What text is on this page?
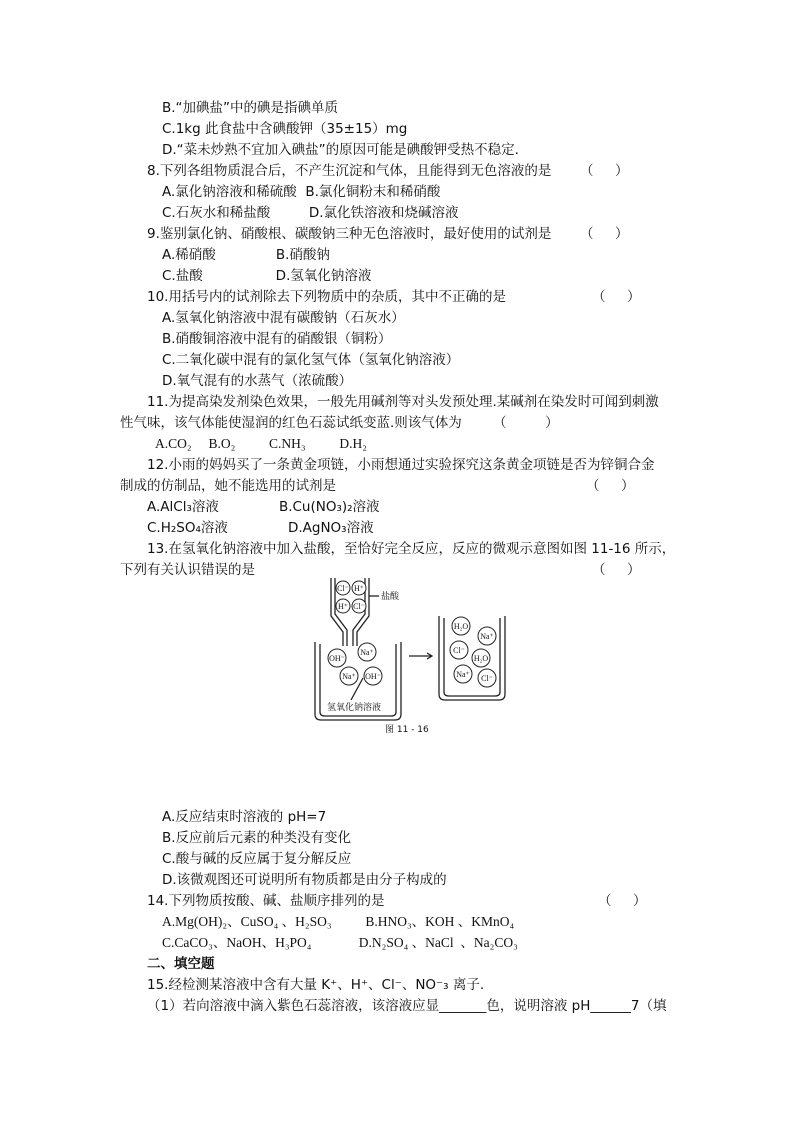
B.“加碘盐”中的碘是指碘单质
C.1kg 此食盐中含碘酸钾（35±15）mg
D.“菜未炒熟不宜加入碘盐”的原因可能是碘酸钾受热不稳定.
8.下列各组物质混合后，不产生沉淀和气体，且能得到无色溶液的是 （     ）
A.氯化钠溶液和稀硫酸  B.氯化铜粉末和稀硝酸
C.石灰水和稀盐酸         D.氯化铁溶液和烧碱溶液
9.鉴别氯化钠、硝酸根、碳酸钠三种无色溶液时，最好使用的试剂是 （     ）
A.稀硝酸              B.硝酸钠
C.盐酸                 D.氢氧化钠溶液
10.用括号内的试剂除去下列物质中的杂质，其中不正确的是	（     ）
A.氢氧化钠溶液中混有碳酸钠（石灰水）
B.硝酸铜溶液中混有的硝酸银（铜粉）
C.二氧化碳中混有的氯化氢气体（氢氧化钠溶液）
D.氧气混有的水蒸气（浓硫酸）
11.为提高染发剂染色效果，一般先用碱剂等对头发预处理.某碱剂在染发时可闻到刺激
性气味，该气体能使湿润的红色石蕊试纸变蓝.则该气体为 （         ）
A.CO₂     B.O₂          C.NH₃          D.H₂
12.小雨的妈妈买了一条黄金项链，小雨想通过实验探究这条黄金项链是否为锌铜合金
制成的仿制品，她不能选用的试剂是	（     ）
A.AlCl₃溶液              B.Cu(NO₃)₂溶液
C.H₂SO₄溶液              D.AgNO₃溶液
13.在氢氧化钠溶液中加入盐酸，至恰好完全反应，反应的微观示意图如图 11-16 所示，
下列有关认识错误的是	（     ）
Cl⁻ H⁺
H⁺ Cl⁻
OH⁻
Na⁺
Na⁺ OH⁻
H₂O
Na⁺
Cl⁻
H₂O
Na⁺ Cl⁻
盐酸
氢氧化钠溶液
图 11 - 16
A.反应结束时溶液的 pH=7
B.反应前后元素的种类没有变化
C.酸与碱的反应属于复分解反应
D.该微观图还可说明所有物质都是由分子构成的
14.下列物质按酸、碱、盐顺序排列的是	（     ）
A.Mg(OH)₂、CuSO₄ 、H₂SO₃          B.HNO₃、KOH 、KMnO₄
C.CaCO₃、NaOH、H₃PO₄              D.N₂SO₄ 、NaCl  、Na₂CO₃
二、填空题
15.经检测某溶液中含有大量 K⁺、H⁺、Cl⁻、NO⁻₃ 离子.
（1）若向溶液中滴入紫色石蕊溶液，该溶液应显_______色，说明溶液 pH______7（填
